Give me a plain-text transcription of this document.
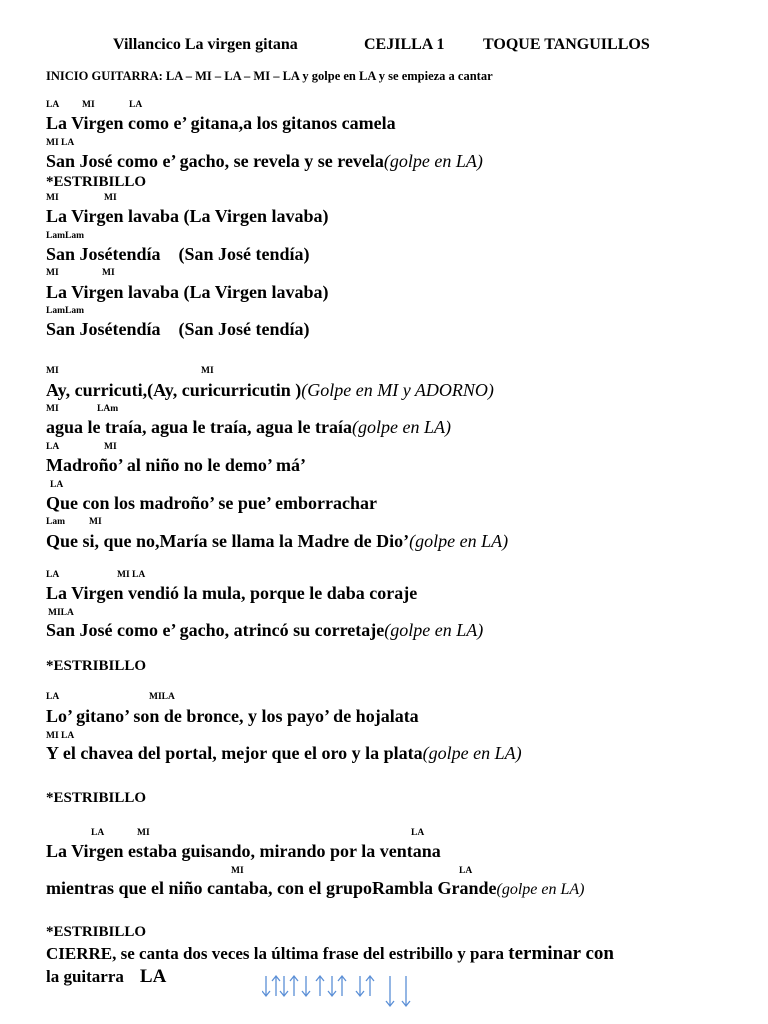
Villancico La virgen gitana	CEJILLA 1 TOQUE TANGUILLOS
INICIO GUITARRA: LA – MI – LA – MI – LA y golpe en LA y se empieza a cantar
LA MI	LA
La Virgen como e’ gitana,a los gitanos camela
MI LA
San José como e’ gacho, se revela y se revela(golpe en LA)
*ESTRIBILLO
MI	MI
La Virgen lavaba (La Virgen lavaba)
LamLam
San Josétendía    (San José tendía)
MI	MI
La Virgen lavaba (La Virgen lavaba)
LamLam
San Josétendía    (San José tendía)
MI	MI
Ay, curricuti,(Ay, curicurricutin )(Golpe en MI y ADORNO)
MI	LAm
agua le traía, agua le traía, agua le traía(golpe en LA)
LA	MI
Madroño’ al niño no le demo’ má’
LA
Que con los madroño’ se pue’ emborrachar
Lam	MI
Que si, que no,María se llama la Madre de Dio’(golpe en LA)
LA	MI LA
La Virgen vendió la mula, porque le daba coraje
MILA
San José como e’ gacho, atrincó su corretaje(golpe en LA)
*ESTRIBILLO
LA	MILA
Lo’ gitano’ son de bronce, y los payo’ de hojalata
MI LA
Y el chavea del portal, mejor que el oro y la plata(golpe en LA)
*ESTRIBILLO
LA	MI	LA
La Virgen estaba guisando, mirando por la ventana
MI	LA
mientras que el niño cantaba, con el grupoRambla Grande(golpe en LA)
*ESTRIBILLO
CIERRE, se canta dos veces la última frase del estribillo y para terminar con
la guitarra LA
